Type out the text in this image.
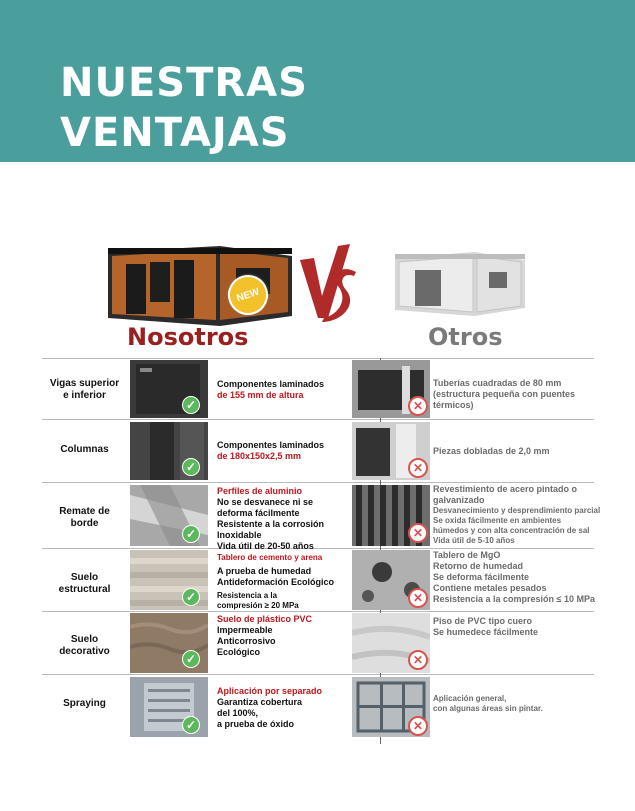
NUESTRAS
VENTAJAS
NEW
Nosotros	Otros
Vigas superior
e inferior
✓
Componentes laminados
de 155 mm de altura
✕
Tuberías cuadradas de 80 mm
(estructura pequeña con puentes
térmicos)
Columnas
✓
Componentes laminados
de 180x150x2,5 mm
✕
Piezas dobladas de 2,0 mm
Remate de
borde
✓
Perfiles de aluminio
No se desvanece ni se
deforma fácilmente
Resistente a la corrosión
Inoxidable
Vida útil de 20-50 años
✕
Revestimiento de acero pintado o
galvanizado
Desvanecimiento y desprendimiento parcial
Se oxida fácilmente en ambientes
húmedos y con alta concentración de sal
Vida útil de 5-10 años
Suelo
estructural
✓
Tablero de cemento y arena
A prueba de humedad
Antideformación Ecológico
Resistencia a la
compresión ≥ 20 MPa
✕
Tablero de MgO
Retorno de humedad
Se deforma fácilmente
Contiene metales pesados
Resistencia a la compresión ≤ 10 MPa
Suelo
decorativo
✓
Suelo de plástico PVC
Impermeable
Anticorrosivo
Ecológico
✕
Piso de PVC tipo cuero
Se humedece fácilmente
Spraying
✓
Aplicación por separado
Garantiza cobertura
del 100%,
a prueba de óxido	✕
Aplicación general,
con algunas áreas sin pintar.
